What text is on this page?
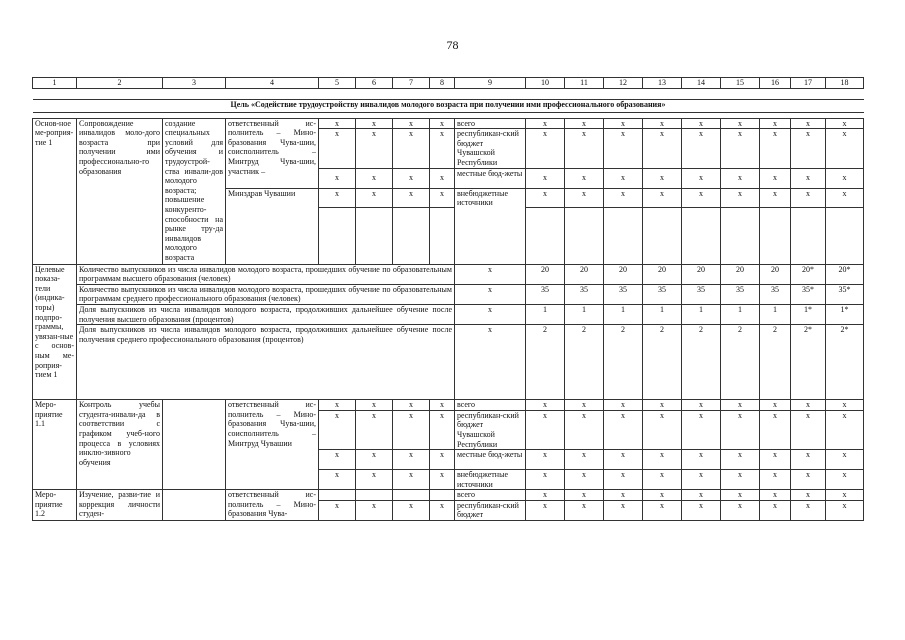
78
1	2	3	4	5	6	7	8	9	10	11	12	13	14	15	16	17	18

Цель «Содействие трудоустройству инвалидов молодого возраста при получении ими профессионального образования»																	

Основ-ное ме-роприя-тие 1	Сопровождение инвалидов моло-дого возраста при получении ими профессионально-го образования	создание специальных условий для обучения и трудоустрой-ства инвали-дов молодого возраста; повышение конкуренто-способности на рынке тру-да инвалидов молодого возраста	ответственный ис-полнитель – Мино-бразования Чува-шии, соисполнитель – Минтруд Чува-шии, участник –	x	x	x	x	всего	x	x	x	x	x	x	x	x	x
				x	x	x	x	республикан-ский бюджет Чувашской Республики	x	x	x	x	x	x	x	x	x
				x	x	x	x	местные бюд-жеты	x	x	x	x	x	x	x	x	x
			Минздрав Чувашии	x	x	x	x	внебюджетные источники	x	x	x	x	x	x	x	x	x

Целевые показа-тели (индика-торы) подпро-граммы, увязан-ные с основ-ным ме-роприя-тием 1	Количество выпускников из числа инвалидов молодого возраста, прошедших обучение по образовательным программам высшего образования (человек)							x	20	20	20	20	20	20	20	20*	20*
	Количество выпускников из числа инвалидов молодого возраста, прошедших обучение по образовательным программам среднего профессионального образования (человек)							x	35	35	35	35	35	35	35	35*	35*
	Доля выпускников из числа инвалидов молодого возраста, продолживших дальнейшее обучение после получения высшего образования (процентов)							x	1	1	1	1	1	1	1	1*	1*
	Доля выпускников из числа инвалидов молодого возраста, продолживших дальнейшее обучение после получения среднего профессионального образования (процентов)							x	2	2	2	2	2	2	2	2*	2*

Меро-приятие 1.1	Контроль учебы студента-инвали-да в соответствии с графиком учеб-ного процесса в условиях инклю-зивного обучения		ответственный ис-полнитель – Мино-бразования Чува-шии, соисполнитель – Минтруд Чувашии	x	x	x	x	всего	x	x	x	x	x	x	x	x	x
				x	x	x	x	республикан-ский бюджет Чувашской Республики	x	x	x	x	x	x	x	x	x
				x	x	x	x	местные бюд-жеты	x	x	x	x	x	x	x	x	x
				x	x	x	x	внебюджетные источники	x	x	x	x	x	x	x	x	x
Меро-приятие 1.2	Изучение, разви-тие и коррекция личности студен-		ответственный ис-полнитель – Мино-бразования Чува-					всего	x	x	x	x	x	x	x	x	x
				x	x	x	x	республикан-ский бюджет	x	x	x	x	x	x	x	x	x
